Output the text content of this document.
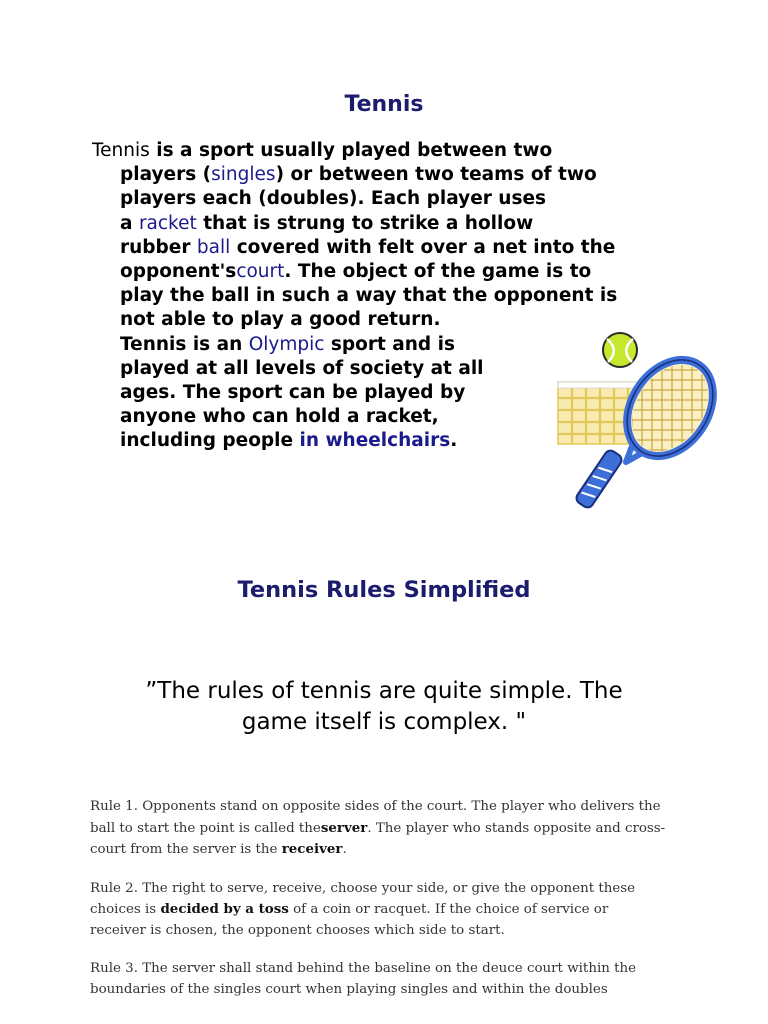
Tennis
Tennis is a sport usually played between two
players (singles) or between two teams of two
players each (doubles). Each player uses
a racket that is strung to strike a hollow
rubber ball covered with felt over a net into the
opponent'scourt. The object of the game is to
play the ball in such a way that the opponent is
not able to play a good return.
Tennis is an Olympic sport and is
played at all levels of society at all
ages. The sport can be played by
anyone who can hold a racket,
including people in wheelchairs.
Tennis Rules Simplified
”The rules of tennis are quite simple. The
game itself is complex. "

Rule 1. Opponents stand on opposite sides of the court. The player who delivers the
ball to start the point is called theserver. The player who stands opposite and cross-
court from the server is the receiver.

Rule 2. The right to serve, receive, choose your side, or give the opponent these
choices is decided by a toss of a coin or racquet. If the choice of service or
receiver is chosen, the opponent chooses which side to start.

Rule 3. The server shall stand behind the baseline on the deuce court within the
boundaries of the singles court when playing singles and within the doubles
